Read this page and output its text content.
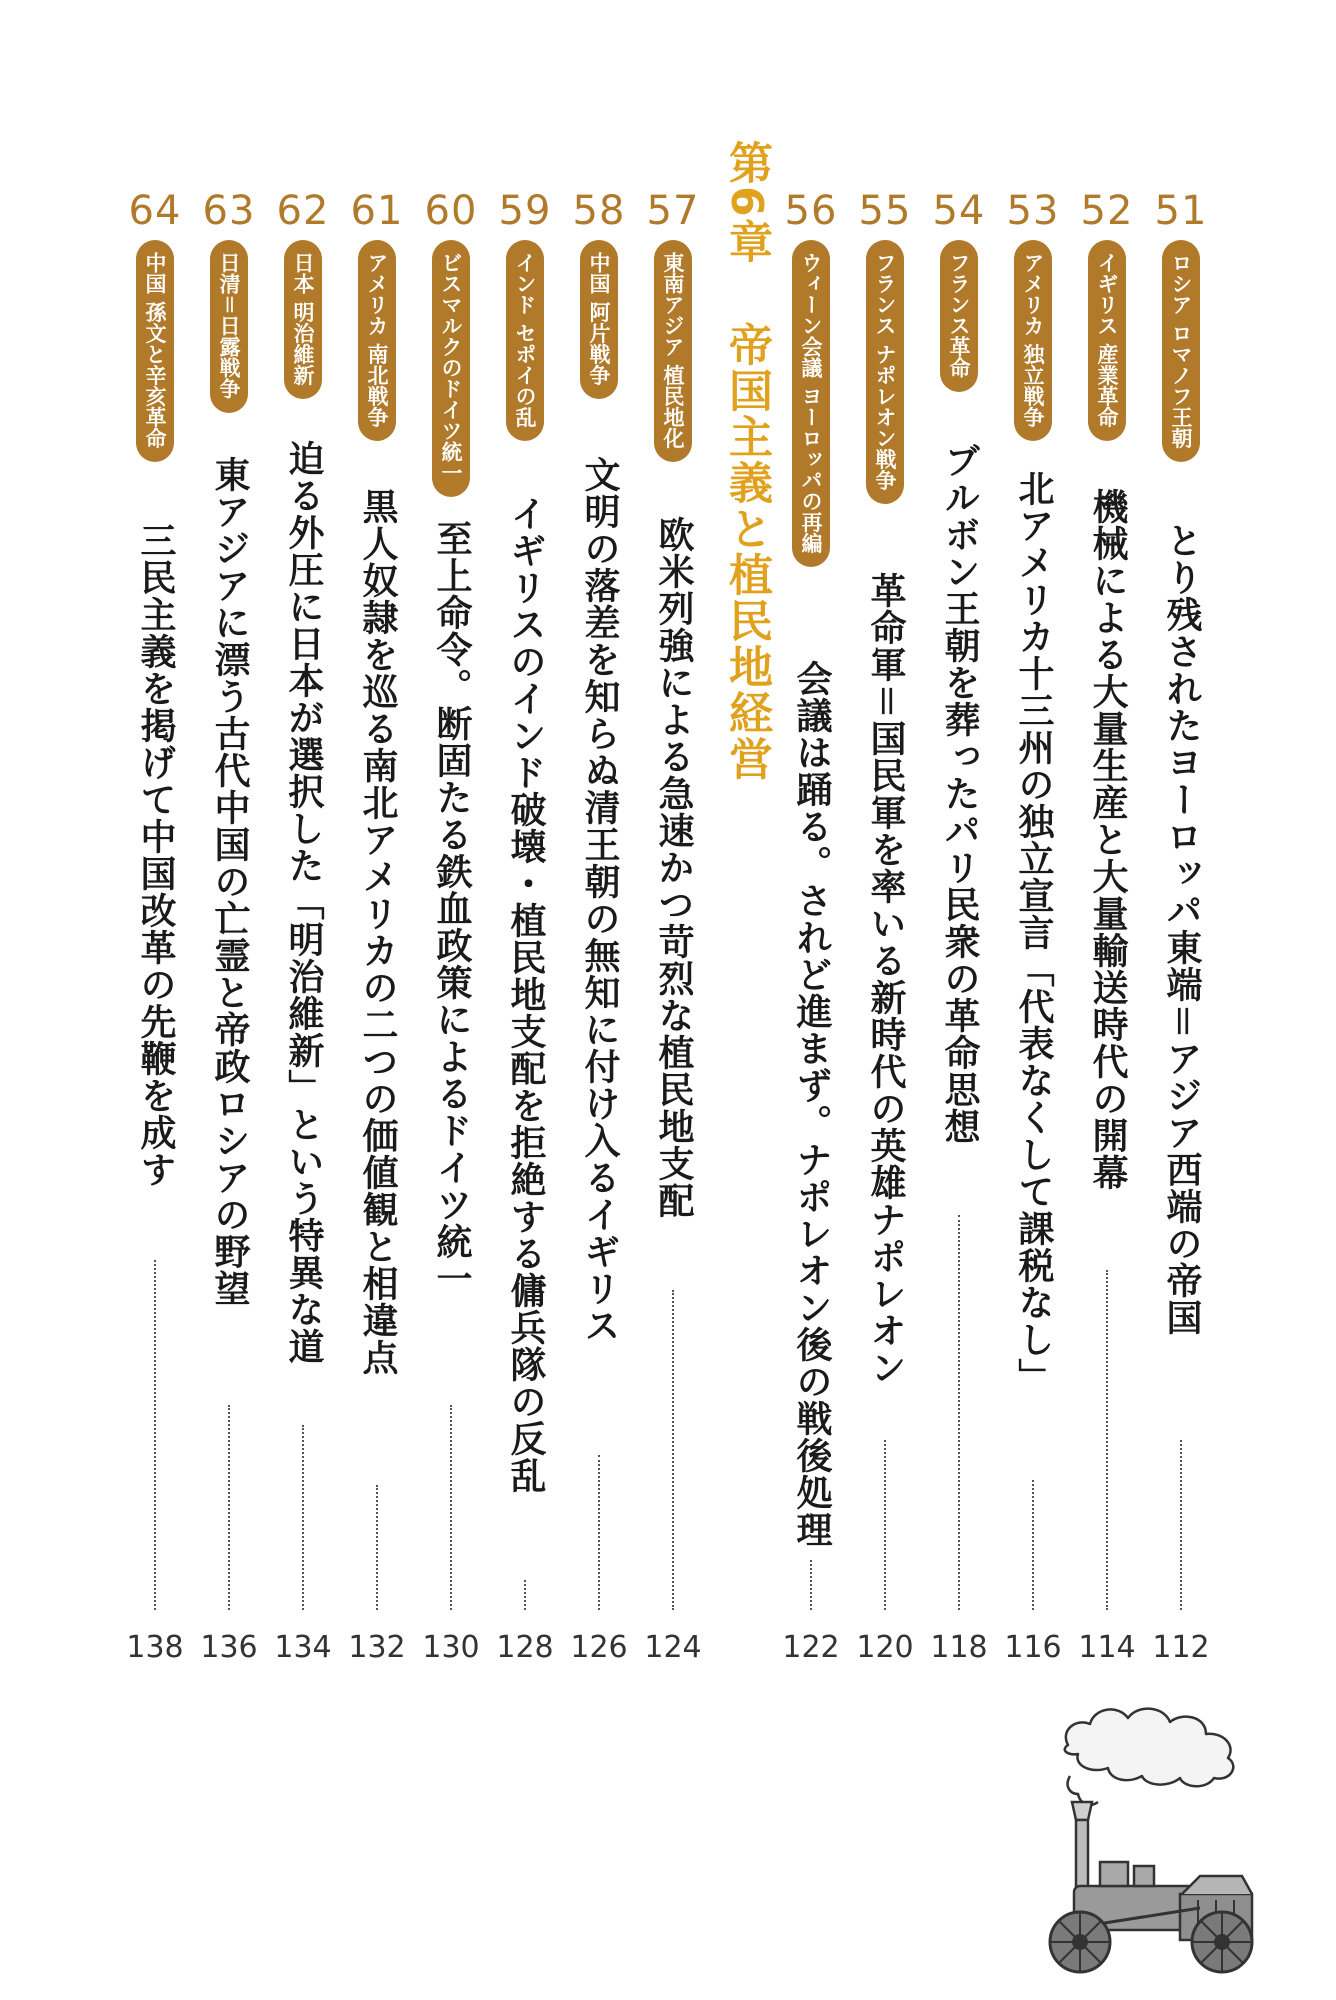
51
ロシア ロマノフ王朝
とり残されたヨーロッパ東端＝アジア西端の帝国
112
52
イギリス 産業革命
機械による大量生産と大量輸送時代の開幕
114
53
アメリカ 独立戦争
北アメリカ十三州の独立宣言「代表なくして課税なし」
116
54
フランス革命
ブルボン王朝を葬ったパリ民衆の革命思想
118
55
フランス ナポレオン戦争
革命軍＝国民軍を率いる新時代の英雄ナポレオン
120
56
ウィーン会議 ヨーロッパの再編
会議は踊る。されど進まず。ナポレオン後の戦後処理
122
第6章 帝国主義と植民地経営
57
東南アジア 植民地化
欧米列強による急速かつ苛烈な植民地支配
124
58
中国 阿片戦争
文明の落差を知らぬ清王朝の無知に付け入るイギリス
126
59
インド セポイの乱
イギリスのインド破壊・植民地支配を拒絶する傭兵隊の反乱
128
60
ビスマルクのドイツ統一
至上命令。断固たる鉄血政策によるドイツ統一
130
61
アメリカ 南北戦争
黒人奴隷を巡る南北アメリカの二つの価値観と相違点
132
62
日本 明治維新
迫る外圧に日本が選択した「明治維新」という特異な道
134
63
日清＝日露戦争
東アジアに漂う古代中国の亡霊と帝政ロシアの野望
136
64
中国 孫文と辛亥革命
三民主義を掲げて中国改革の先鞭を成す
138
